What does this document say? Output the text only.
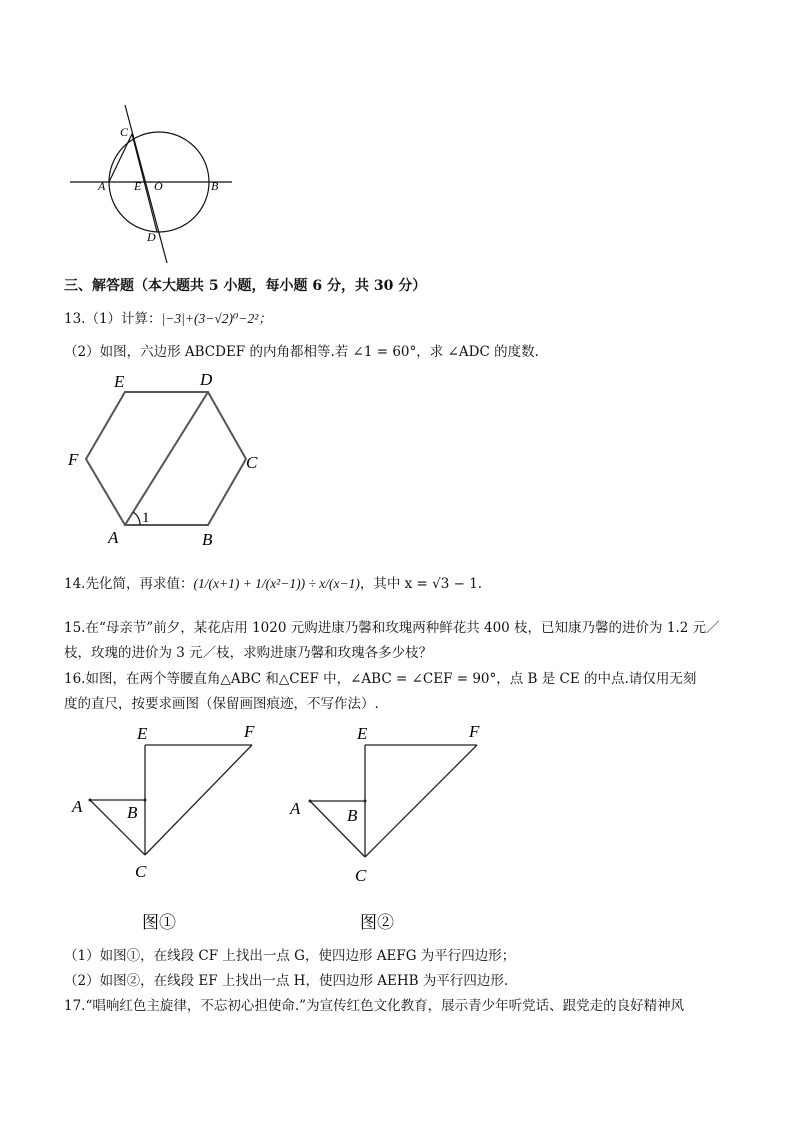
C
A E O	B
D
三、解答题（本大题共 5 小题，每小题 6 分，共 30 分）
13.（1）计算：|−3|+(3−√2)⁰−2²；
（2）如图，六边形 ABCDEF 的内角都相等.若 ∠1 = 60°，求 ∠ADC 的度数.
E	D
F	C
A	B
1
14.先化简，再求值：(1/(x+1) + 1/(x²−1)) ÷ x/(x−1)，其中 x = √3 − 1.
15.在“母亲节”前夕，某花店用 1020 元购进康乃馨和玫瑰两种鲜花共 400 枝，已知康乃馨的进价为 1.2 元／
枝，玫瑰的进价为 3 元／枝，求购进康乃馨和玫瑰各多少枝？
16.如图，在两个等腰直角△ABC 和△CEF 中，∠ABC = ∠CEF = 90°，点 B 是 CE 的中点.请仅用无刻
度的直尺，按要求画图（保留画图痕迹，不写作法）.
E	F
A	B
C
图①
E	F
A	B
C
图②
（1）如图①，在线段 CF 上找出一点 G，使四边形 AEFG 为平行四边形；
（2）如图②，在线段 EF 上找出一点 H，使四边形 AEHB 为平行四边形.
17.“唱响红色主旋律，不忘初心担使命.”为宣传红色文化教育，展示青少年听党话、跟党走的良好精神风
